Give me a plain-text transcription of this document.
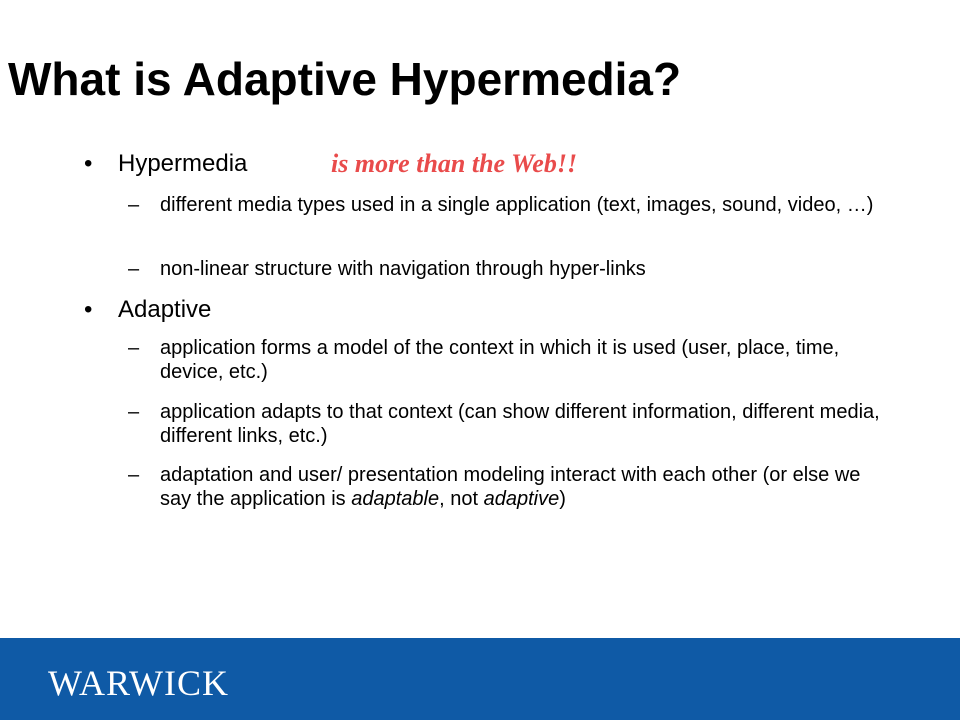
What is Adaptive Hypermedia?
• Hypermedia	is more than the Web!!
–
different media types used in a single application (text, images, sound, video, …)
–
non-linear structure with navigation through hyper-links
• Adaptive
–
application forms a model of the context in which it is used (user, place, time, device, etc.)
–
application adapts to that context (can show different information, different media, different links, etc.)
–
adaptation and user/ presentation modeling interact with each other (or else we say the application is adaptable, not adaptive)
WARWICK
